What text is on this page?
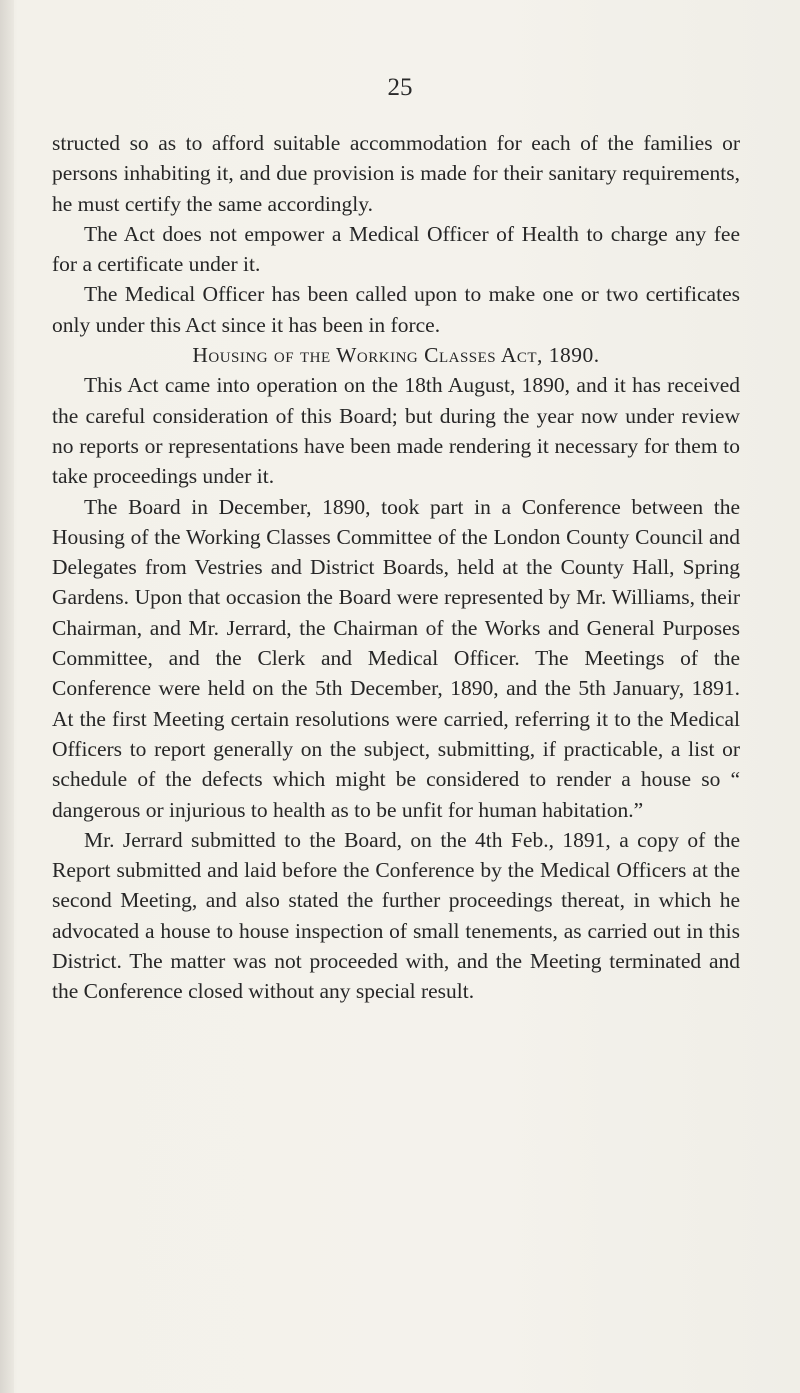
25

structed so as to afford suitable accommodation for each of the families or persons inhabiting it, and due provision is made for their sanitary requirements, he must certify the same accordingly.

The Act does not empower a Medical Officer of Health to charge any fee for a certificate under it.

The Medical Officer has been called upon to make one or two certificates only under this Act since it has been in force.

Housing of the Working Classes Act, 1890.

This Act came into operation on the 18th August, 1890, and it has received the careful consideration of this Board; but during the year now under review no reports or representations have been made rendering it necessary for them to take proceedings under it.

The Board in December, 1890, took part in a Conference between the Housing of the Working Classes Committee of the London County Council and Delegates from Vestries and District Boards, held at the County Hall, Spring Gardens. Upon that occasion the Board were represented by Mr. Williams, their Chairman, and Mr. Jerrard, the Chairman of the Works and General Purposes Committee, and the Clerk and Medical Officer. The Meetings of the Conference were held on the 5th December, 1890, and the 5th January, 1891. At the first Meeting certain resolutions were carried, referring it to the Medical Officers to report generally on the subject, submitting, if practicable, a list or schedule of the defects which might be considered to render a house so “ dangerous or injurious to health as to be unfit for human habitation.”

Mr. Jerrard submitted to the Board, on the 4th Feb., 1891, a copy of the Report submitted and laid before the Conference by the Medical Officers at the second Meeting, and also stated the further proceedings thereat, in which he advocated a house to house inspection of small tenements, as carried out in this District. The matter was not proceeded with, and the Meeting terminated and the Conference closed without any special result.
